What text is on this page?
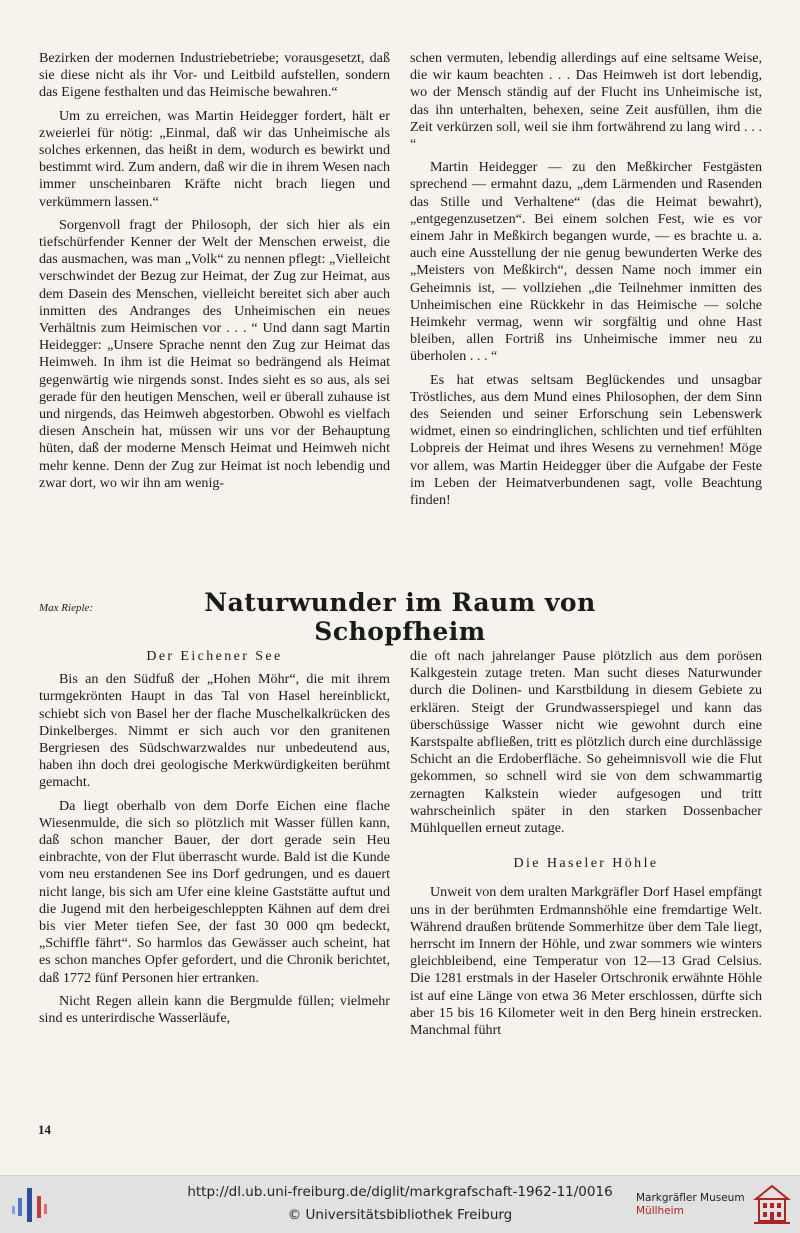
Bezirken der modernen Industriebetriebe; vorausgesetzt, daß sie diese nicht als ihr Vor- und Leitbild aufstellen, sondern das Eigene festhalten und das Heimische bewahren.“

Um zu erreichen, was Martin Heidegger fordert, hält er zweierlei für nötig: „Einmal, daß wir das Unheimische als solches erkennen, das heißt in dem, wodurch es bewirkt und bestimmt wird. Zum andern, daß wir die in ihrem Wesen nach immer unscheinbaren Kräfte nicht brach liegen und verkümmern lassen.“

Sorgenvoll fragt der Philosoph, der sich hier als ein tiefschürfender Kenner der Welt der Menschen erweist, die das ausmachen, was man „Volk“ zu nennen pflegt: „Vielleicht verschwindet der Bezug zur Heimat, der Zug zur Heimat, aus dem Dasein des Menschen, vielleicht bereitet sich aber auch inmitten des Andranges des Unheimischen ein neues Verhältnis zum Heimischen vor . . . “ Und dann sagt Martin Heidegger: „Unsere Sprache nennt den Zug zur Heimat das Heimweh. In ihm ist die Heimat so bedrängend als Heimat gegenwärtig wie nirgends sonst. Indes sieht es so aus, als sei gerade für den heutigen Menschen, weil er überall zuhause ist und nirgends, das Heimweh abgestorben. Obwohl es vielfach diesen Anschein hat, müssen wir uns vor der Behauptung hüten, daß der moderne Mensch Heimat und Heimweh nicht mehr kenne. Denn der Zug zur Heimat ist noch lebendig und zwar dort, wo wir ihn am wenig-

schen vermuten, lebendig allerdings auf eine seltsame Weise, die wir kaum beachten . . . Das Heimweh ist dort lebendig, wo der Mensch ständig auf der Flucht ins Unheimische ist, das ihn unterhalten, behexen, seine Zeit ausfüllen, ihm die Zeit verkürzen soll, weil sie ihm fortwährend zu lang wird . . . “

Martin Heidegger — zu den Meßkircher Festgästen sprechend — ermahnt dazu, „dem Lärmenden und Rasenden das Stille und Verhaltene“ (das die Heimat bewahrt), „entgegenzusetzen“. Bei einem solchen Fest, wie es vor einem Jahr in Meßkirch begangen wurde, — es brachte u. a. auch eine Ausstellung der nie genug bewunderten Werke des „Meisters von Meßkirch“, dessen Name noch immer ein Geheimnis ist, — vollziehen „die Teilnehmer inmitten des Unheimischen eine Rückkehr in das Heimische — solche Heimkehr vermag, wenn wir sorgfältig und ohne Hast bleiben, allen Fortriß ins Unheimische immer neu zu überholen . . . “

Es hat etwas seltsam Beglückendes und unsagbar Tröstliches, aus dem Mund eines Philosophen, der dem Sinn des Seienden und seiner Erforschung sein Lebenswerk widmet, einen so eindringlichen, schlichten und tief erfühlten Lobpreis der Heimat und ihres Wesens zu vernehmen! Möge vor allem, was Martin Heidegger über die Aufgabe der Feste im Leben der Heimatverbundenen sagt, volle Beachtung finden!

Max Rieple:	Naturwunder im Raum von Schopfheim

Der Eichener See

Bis an den Südfuß der „Hohen Möhr“, die mit ihrem turmgekrönten Haupt in das Tal von Hasel hereinblickt, schiebt sich von Basel her der flache Muschelkalkrücken des Dinkelberges. Nimmt er sich auch vor den granitenen Bergriesen des Südschwarzwaldes nur unbedeutend aus, haben ihn doch drei geologische Merkwürdigkeiten berühmt gemacht.

Da liegt oberhalb von dem Dorfe Eichen eine flache Wiesenmulde, die sich so plötzlich mit Wasser füllen kann, daß schon mancher Bauer, der dort gerade sein Heu einbrachte, von der Flut überrascht wurde. Bald ist die Kunde vom neu erstandenen See ins Dorf gedrungen, und es dauert nicht lange, bis sich am Ufer eine kleine Gaststätte auftut und die Jugend mit den herbeigeschleppten Kähnen auf dem drei bis vier Meter tiefen See, der fast 30 000 qm bedeckt, „Schiffle fährt“. So harmlos das Gewässer auch scheint, hat es schon manches Opfer gefordert, und die Chronik berichtet, daß 1772 fünf Personen hier ertranken.

Nicht Regen allein kann die Bergmulde füllen; vielmehr sind es unterirdische Wasserläufe,

die oft nach jahrelanger Pause plötzlich aus dem porösen Kalkgestein zutage treten. Man sucht dieses Naturwunder durch die Dolinen- und Karstbildung in diesem Gebiete zu erklären. Steigt der Grundwasserspiegel und kann das überschüssige Wasser nicht wie gewohnt durch eine Karstspalte abfließen, tritt es plötzlich durch eine durchlässige Schicht an die Erdoberfläche. So geheimnisvoll wie die Flut gekommen, so schnell wird sie von dem schwammartig zernagten Kalkstein wieder aufgesogen und tritt wahrscheinlich später in den starken Dossenbacher Mühlquellen erneut zutage.

Die Haseler Höhle

Unweit von dem uralten Markgräfler Dorf Hasel empfängt uns in der berühmten Erdmannshöhle eine fremdartige Welt. Während draußen brütende Sommerhitze über dem Tale liegt, herrscht im Innern der Höhle, und zwar sommers wie winters gleichbleibend, eine Temperatur von 12—13 Grad Celsius. Die 1281 erstmals in der Haseler Ortschronik erwähnte Höhle ist auf eine Länge von etwa 36 Meter erschlossen, dürfte sich aber 15 bis 16 Kilometer weit in den Berg hinein erstrecken. Manchmal führt

14
http://dl.ub.uni-freiburg.de/diglit/markgrafschaft-1962-11/0016
© Universitätsbibliothek Freiburg
Markgräfler Museum
Müllheim
